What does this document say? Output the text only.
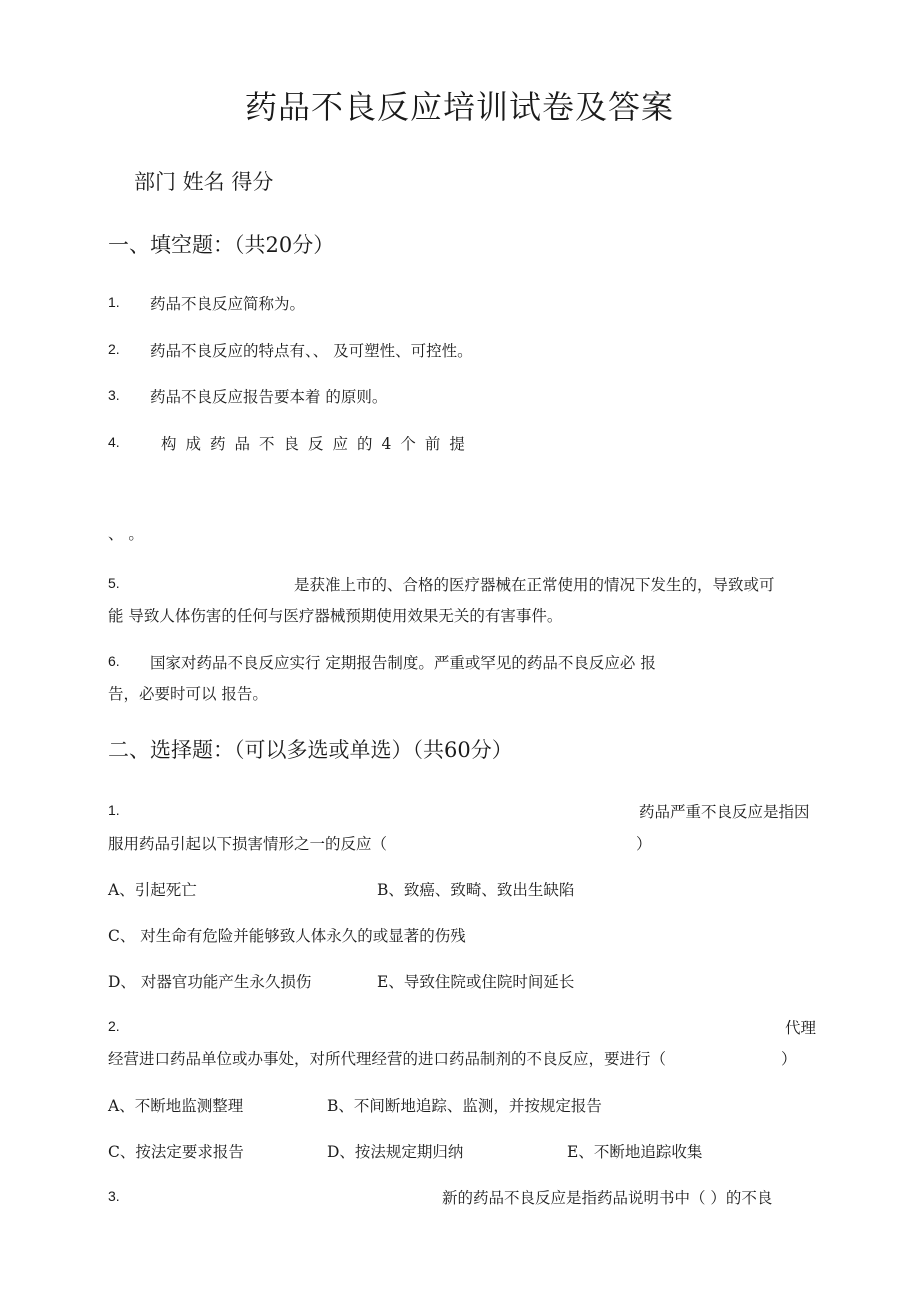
药品不良反应培训试卷及答案
部门 姓名 得分
一、填空题：（共20分）
1. 药品不良反应简称为。
2. 药品不良反应的特点有、、 及可塑性、可控性。
3. 药品不良反应报告要本着 的原则。
4.	构成药品不良反应的4个前提
、 。
5.	是获准上市的、合格的医疗器械在正常使用的情况下发生的，导致或可
能 导致人体伤害的任何与医疗器械预期使用效果无关的有害事件。
6. 国家对药品不良反应实行 定期报告制度。严重或罕见的药品不良反应必 报
告，必要时可以 报告。
二、选择题：（可以多选或单选）（共60分）
1.	药品严重不良反应是指因
服用药品引起以下损害情形之一的反应（	）
A、引起死亡	B、致癌、致畸、致出生缺陷
C、 对生命有危险并能够致人体永久的或显著的伤残
D、 对器官功能产生永久损伤	E、导致住院或住院时间延长
2.	代理
经营进口药品单位或办事处，对所代理经营的进口药品制剂的不良反应，要进行（	）
A、不断地监测整理	B、不间断地追踪、监测，并按规定报告
C、按法定要求报告	D、按法规定期归纳	E、不断地追踪收集
3.	新的药品不良反应是指药品说明书中（ ）的不良
